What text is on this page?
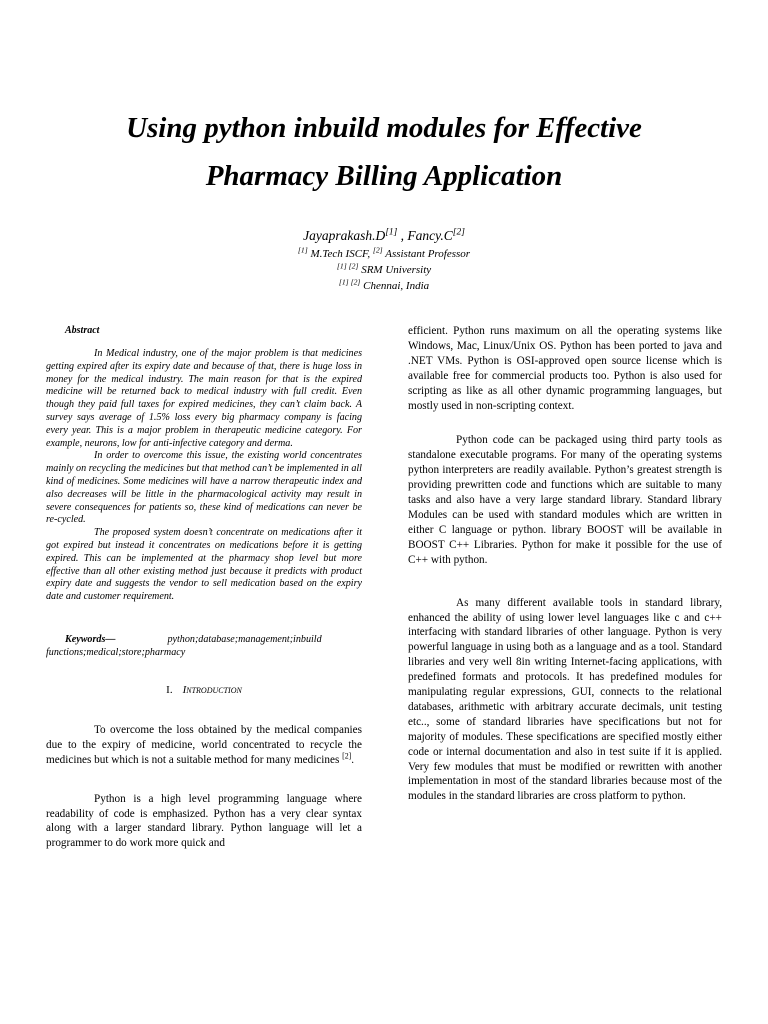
Using python inbuild modules for Effective
Pharmacy Billing Application
Jayaprakash.D[1] , Fancy.C[2]
[1] M.Tech ISCF, [2] Assistant Professor
[1] [2] SRM University
[1] [2] Chennai, India
Abstract

In Medical industry, one of the major problem is that medicines getting expired after its expiry date and because of that, there is huge loss in money for the medical industry. The main reason for that is the expired medicine will be returned back to medical industry with full credit. Even though they paid full taxes for expired medicines, they can’t claim back. A survey says average of 1.5% loss every big pharmacy company is facing every year. This is a major problem in therapeutic medicine category. For example, neurons, low for anti-infective category and derma.

In order to overcome this issue, the existing world concentrates mainly on recycling the medicines but that method can’t be implemented in all kind of medicines. Some medicines will have a narrow therapeutic index and also decreases will be little in the pharmacological activity may result in severe consequences for patients so, these kind of medications can never be re-cycled.

The proposed system doesn’t concentrate on medications after it got expired but instead it concentrates on medications before it is getting expired. This can be implemented at the pharmacy shop level but more effective than all other existing method just because it predicts with product expiry date and suggests the vendor to sell medication based on the expiry date and customer requirement.

Keywords—	python;database;management;inbuild functions;medical;store;pharmacy

I. Introduction

To overcome the loss obtained by the medical companies due to the expiry of medicine, world concentrated to recycle the medicines but which is not a suitable method for many medicines [2].

Python is a high level programming language where readability of code is emphasized. Python has a very clear syntax along with a larger standard library. Python language will let a programmer to do work more quick and

efficient. Python runs maximum on all the operating systems like Windows, Mac, Linux/Unix OS. Python has been ported to java and .NET VMs. Python is OSI-approved open source license which is available free for commercial products too. Python is also used for scripting as like as all other dynamic programming languages, but mostly used in non-scripting context.

Python code can be packaged using third party tools as standalone executable programs. For many of the operating systems python interpreters are readily available. Python’s greatest strength is providing prewritten code and functions which are suitable to many tasks and also have a very large standard library. Standard library Modules can be used with standard modules which are written in either C language or python. library BOOST will be available in BOOST C++ Libraries. Python for make it possible for the use of C++ with python.

As many different available tools in standard library, enhanced the ability of using lower level languages like c and c++ interfacing with standard libraries of other language. Python is very powerful language in using both as a language and as a tool. Standard libraries and very well 8in writing Internet-facing applications, with predefined formats and protocols. It has predefined modules for manipulating regular expressions, GUI, connects to the relational databases, arithmetic with arbitrary accurate decimals, unit testing etc.., some of standard libraries have specifications but not for majority of modules. These specifications are specified mostly either code or internal documentation and also in test suite if it is applied. Very few modules that must be modified or rewritten with another implementation in most of the standard libraries because most of the modules in the standard libraries are cross platform to python.
